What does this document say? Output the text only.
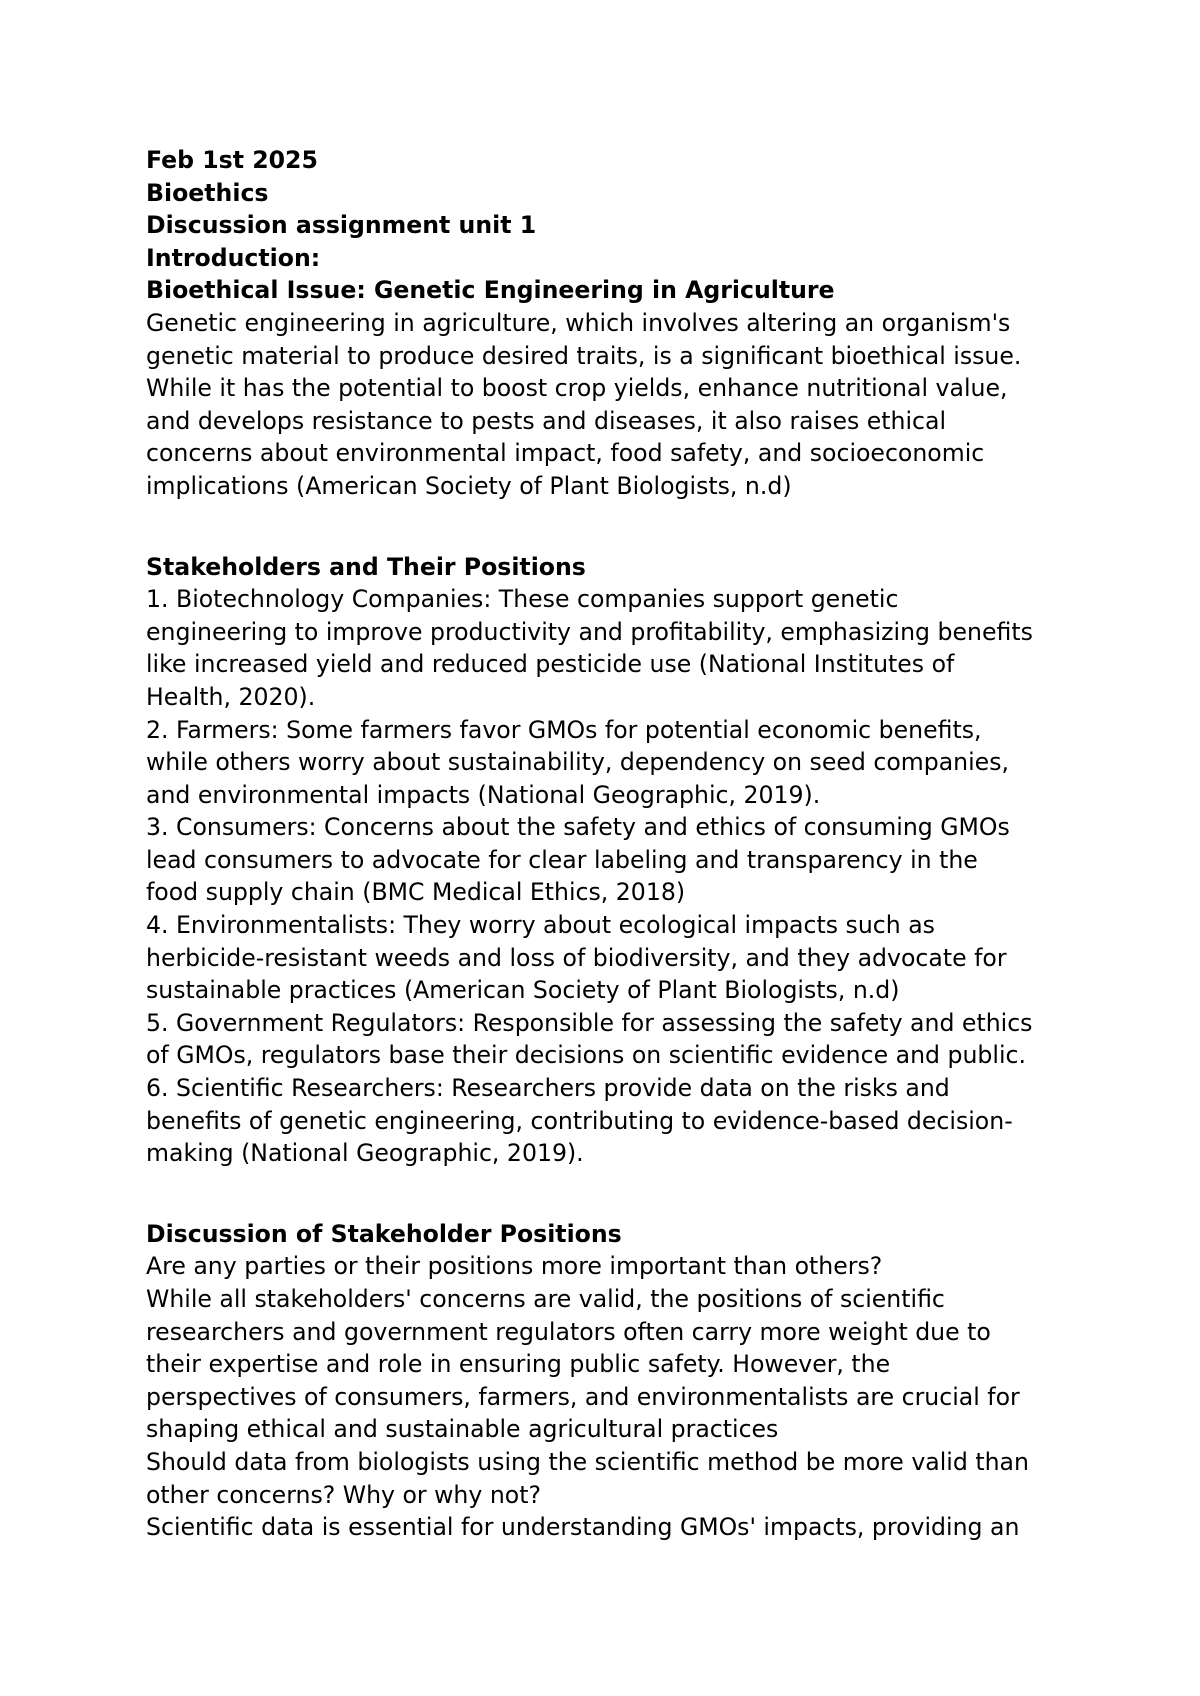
Feb 1st 2025
Bioethics
Discussion assignment unit 1
Introduction:
Bioethical Issue: Genetic Engineering in Agriculture
Genetic engineering in agriculture, which involves altering an organism's
genetic material to produce desired traits, is a significant bioethical issue.
While it has the potential to boost crop yields, enhance nutritional value,
and develops resistance to pests and diseases, it also raises ethical
concerns about environmental impact, food safety, and socioeconomic
implications (American Society of Plant Biologists, n.d)
Stakeholders and Their Positions
1. Biotechnology Companies: These companies support genetic
engineering to improve productivity and profitability, emphasizing benefits
like increased yield and reduced pesticide use (National Institutes of
Health, 2020).
2. Farmers: Some farmers favor GMOs for potential economic benefits,
while others worry about sustainability, dependency on seed companies,
and environmental impacts (National Geographic, 2019).
3. Consumers: Concerns about the safety and ethics of consuming GMOs
lead consumers to advocate for clear labeling and transparency in the
food supply chain (BMC Medical Ethics, 2018)
4. Environmentalists: They worry about ecological impacts such as
herbicide-resistant weeds and loss of biodiversity, and they advocate for
sustainable practices (American Society of Plant Biologists, n.d)
5. Government Regulators: Responsible for assessing the safety and ethics
of GMOs, regulators base their decisions on scientific evidence and public.
6. Scientific Researchers: Researchers provide data on the risks and
benefits of genetic engineering, contributing to evidence-based decision-
making (National Geographic, 2019).
Discussion of Stakeholder Positions
Are any parties or their positions more important than others?
While all stakeholders' concerns are valid, the positions of scientific
researchers and government regulators often carry more weight due to
their expertise and role in ensuring public safety. However, the
perspectives of consumers, farmers, and environmentalists are crucial for
shaping ethical and sustainable agricultural practices
Should data from biologists using the scientific method be more valid than
other concerns? Why or why not?
Scientific data is essential for understanding GMOs' impacts, providing an
